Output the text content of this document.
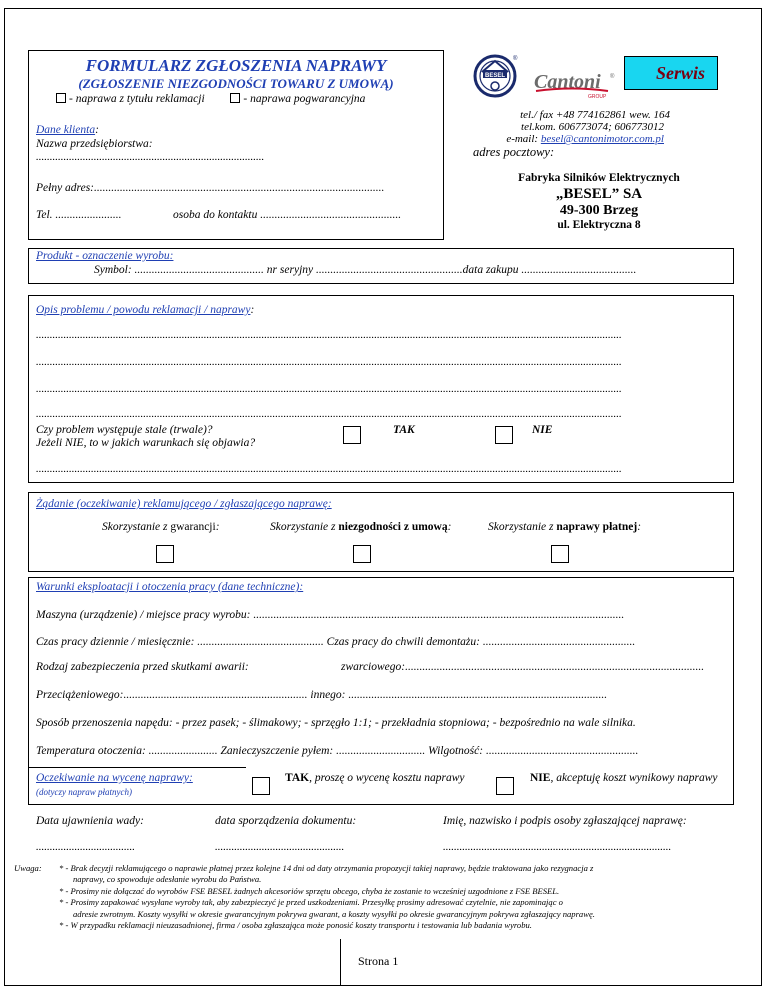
FORMULARZ ZGŁOSZENIA NAPRAWY
(ZGŁOSZENIE NIEZGODNOŚCI TOWARU Z UMOWĄ)
- naprawa z tytułu reklamacji	- naprawa pogwarancyjna
Dane klienta:
Nazwa przedsiębiorstwa:
...................................................................................
Pełny adres:.....................................................................................................
Tel. .......................	osoba do kontaktu .................................................
BESEL
®
Cantoni
GROUP
®	Serwis
tel./ fax +48 774162861 wew. 164
tel.kom. 606773074; 606773012
e-mail: besel@cantonimotor.com.pl
adres pocztowy:
Fabryka Silników Elektrycznych
„BESEL” SA
49-300 Brzeg
ul. Elektryczna 8
Produkt - oznaczenie wyrobu:
Symbol: ............................................. nr seryjny ...................................................data zakupu ........................................
Opis problemu / powodu reklamacji / naprawy:
.....................................................................................................................................................................................................................
.....................................................................................................................................................................................................................
.....................................................................................................................................................................................................................
.....................................................................................................................................................................................................................
Czy problem występuje stale (trwale)?
Jeżeli NIE, to w jakich warunkach się objawia?
TAK	NIE
.....................................................................................................................................................................................................................
Żądanie (oczekiwanie) reklamującego / zgłaszającego naprawę:
Skorzystanie z gwarancji:	Skorzystanie z niezgodności z umową:	Skorzystanie z naprawy płatnej:
Warunki eksploatacji i otoczenia pracy (dane techniczne):
Maszyna (urządzenie) / miejsce pracy wyrobu: .................................................................................................................................
Czas pracy dziennie / miesięcznie: ............................................ Czas pracy do chwili demontażu: .....................................................
Rodzaj zabezpieczenia przed skutkami awarii:	zwarciowego:........................................................................................................
Przeciążeniowego:................................................................ innego: ..........................................................................................
Sposób przenoszenia napędu: - przez pasek; - ślimakowy; - sprzęgło 1:1; - przekładnia stopniowa; - bezpośrednio na wale silnika.
Temperatura otoczenia: ........................ Zanieczyszczenie pyłem: ............................... Wilgotność: .....................................................
Oczekiwanie na wycenę naprawy:
(dotyczy napraw płatnych)
TAK, proszę o wycenę kosztu naprawy	NIE, akceptuję koszt wynikowy naprawy
Data ujawnienia wady:	data sporządzenia dokumentu:	Imię, nazwisko i podpis osoby zgłaszającej naprawę:
....................................	...............................................	...................................................................................
Uwaga: * - Brak decyzji reklamującego o naprawie płatnej przez kolejne 14 dni od daty otrzymania propozycji takiej naprawy, będzie traktowana jako rezygnacja z
naprawy, co spowoduje odesłanie wyrobu do Państwa.
* - Prosimy nie dołączać do wyrobów FSE BESEL żadnych akcesoriów sprzętu obcego, chyba że zostanie to wcześniej uzgodnione z FSE BESEL.
* - Prosimy zapakować wysyłane wyroby tak, aby zabezpieczyć je przed uszkodzeniami. Przesyłkę prosimy adresować czytelnie, nie zapominając o
adresie zwrotnym. Koszty wysyłki w okresie gwarancyjnym pokrywa gwarant, a koszty wysyłki po okresie gwarancyjnym pokrywa zgłaszający naprawę.
* - W przypadku reklamacji nieuzasadnionej, firma / osoba zgłaszająca może ponosić koszty transportu i testowania lub badania wyrobu.
Strona 1
